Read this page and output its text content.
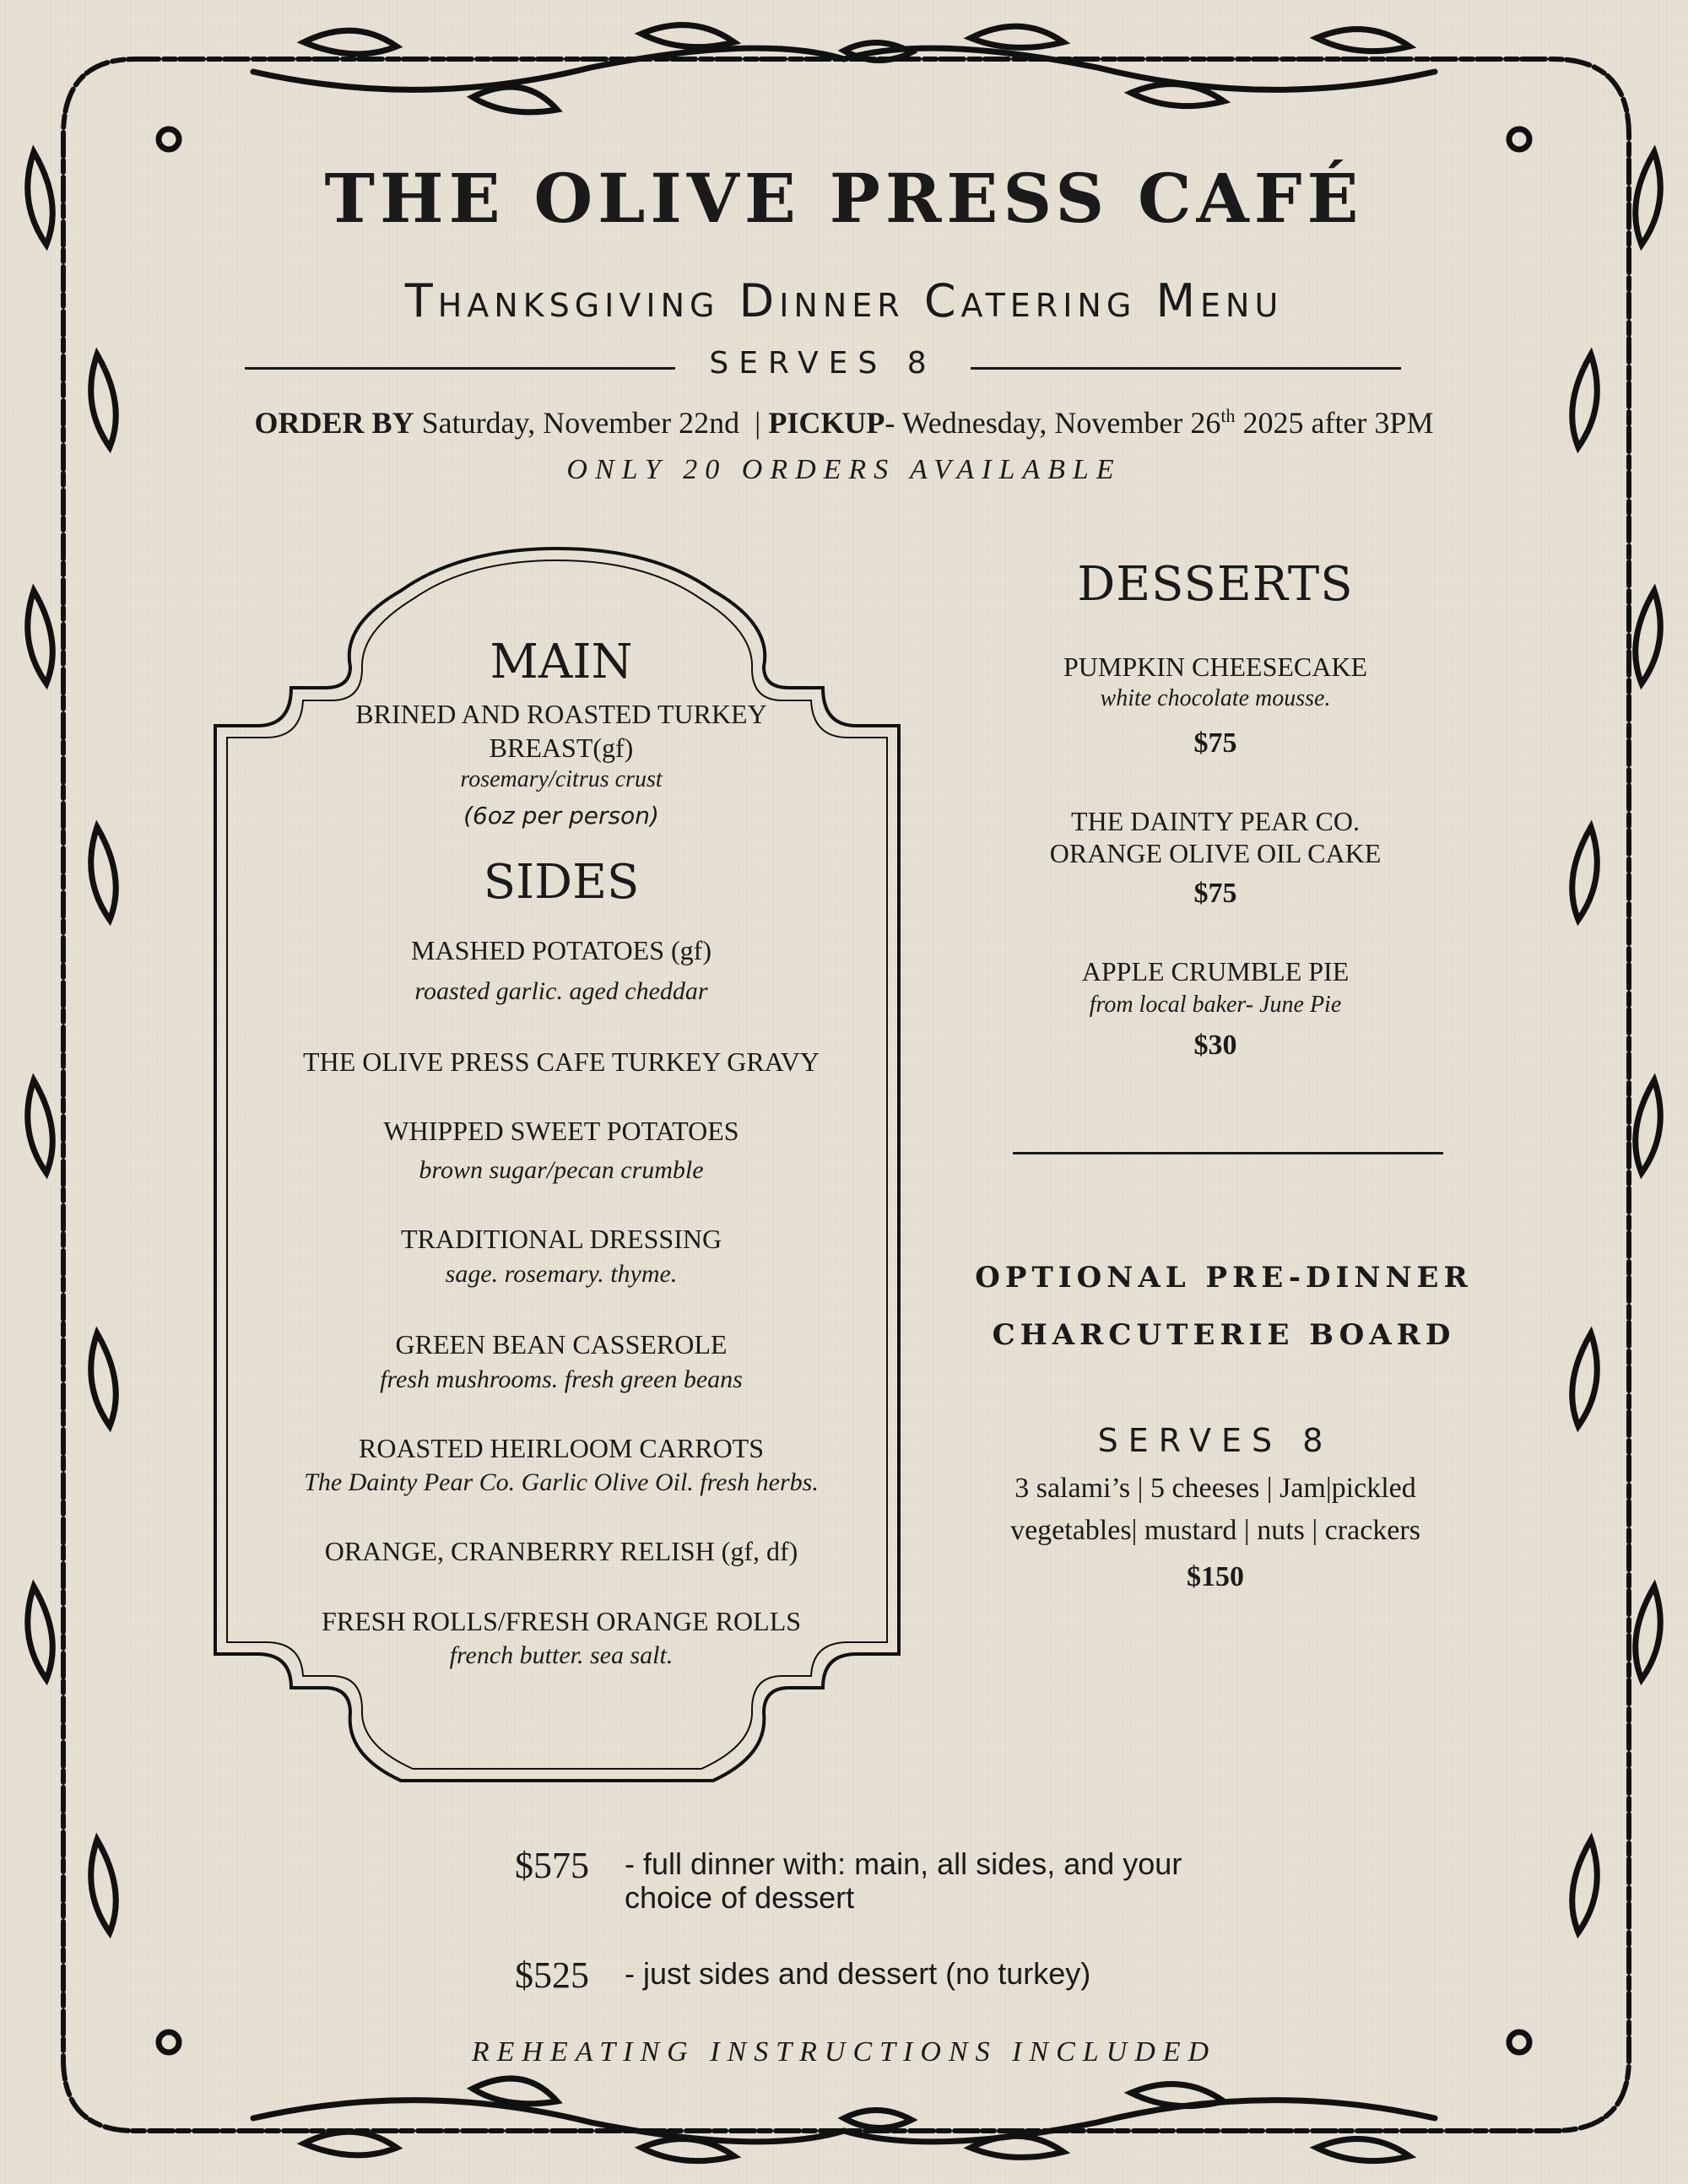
THE OLIVE PRESS CAFÉ
Thanksgiving Dinner Catering Menu
SERVES 8
ORDER BY Saturday, November 22nd  | PICKUP- Wednesday, November 26th 2025 after 3PM
ONLY 20 ORDERS AVAILABLE
MAIN
BRINED AND ROASTED TURKEY BREAST(gf)
rosemary/citrus crust
(6oz per person)
SIDES
MASHED POTATOES (gf)
roasted garlic. aged cheddar
THE OLIVE PRESS CAFE TURKEY GRAVY
WHIPPED SWEET POTATOES
brown sugar/pecan crumble
TRADITIONAL DRESSING
sage. rosemary. thyme.
GREEN BEAN CASSEROLE
fresh mushrooms. fresh green beans
ROASTED HEIRLOOM CARROTS
The Dainty Pear Co. Garlic Olive Oil. fresh herbs.
ORANGE, CRANBERRY RELISH (gf, df)
FRESH ROLLS/FRESH ORANGE ROLLS
french butter. sea salt.
DESSERTS
PUMPKIN CHEESECAKE
white chocolate mousse.
$75
THE DAINTY PEAR CO.
ORANGE OLIVE OIL CAKE
$75
APPLE CRUMBLE PIE
from local baker- June Pie
$30
OPTIONAL PRE-DINNER
CHARCUTERIE BOARD
SERVES 8
3 salami’s | 5 cheeses | Jam|pickled
vegetables| mustard | nuts | crackers
$150
$575 - full dinner with: main, all sides, and your choice of dessert
$525 - just sides and dessert (no turkey)
REHEATING INSTRUCTIONS INCLUDED
